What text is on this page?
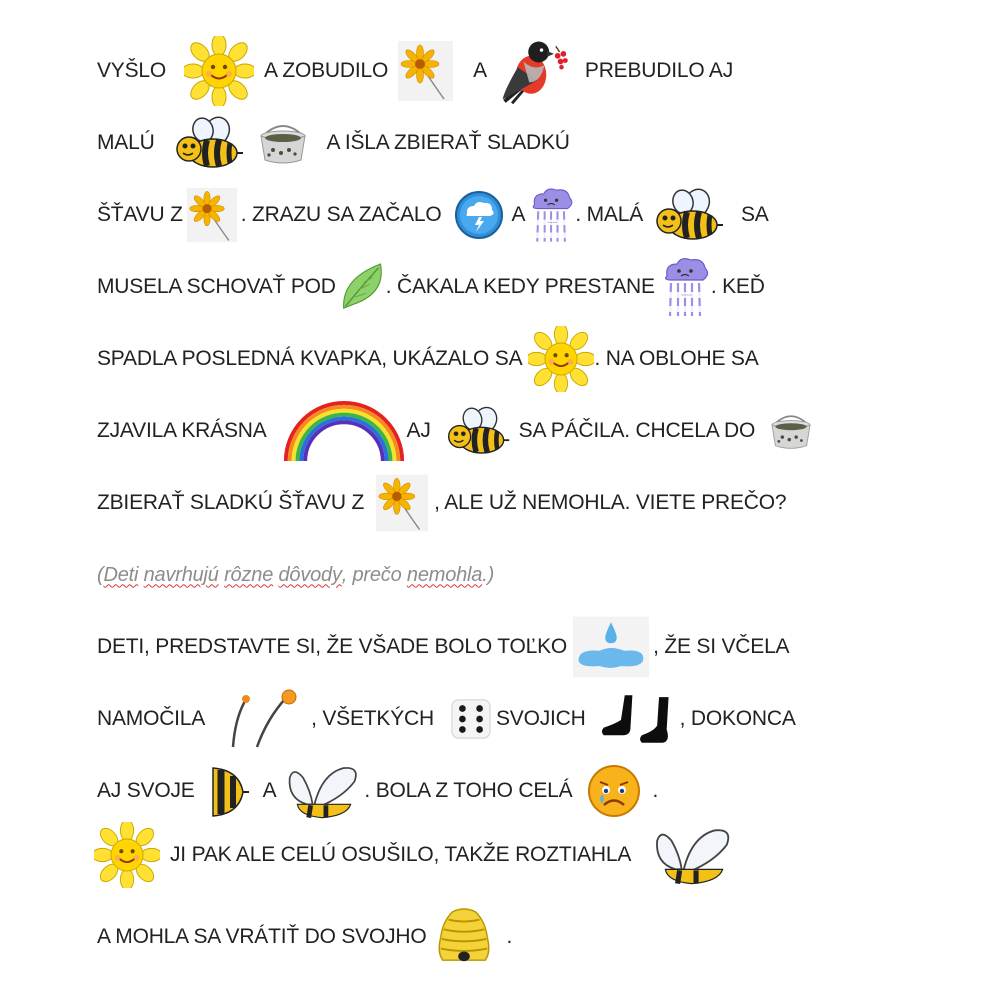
VYŠLO	A ZOBUDILO	A	PREBUDILO AJ
MALÚ	A IŠLA ZBIERAŤ SLADKÚ
ŠŤAVU Z	. ZRAZU SA ZAČALO	A . MALÁ	SA
MUSELA SCHOVAŤ POD . ČAKALA KEDY PRESTANE	. KEĎ
SPADLA POSLEDNÁ KVAPKA, UKÁZALO SA	. NA OBLOHE SA
ZJAVILA KRÁSNA	AJ	SA PÁČILA. CHCELA DO
ZBIERAŤ SLADKÚ ŠŤAVU Z	, ALE UŽ NEMOHLA. VIETE PREČO?
( Deti
navrhujú
rôzne
dôvody , prečo
nemohla .)
DETI, PREDSTAVTE SI, ŽE VŠADE BOLO TOĽKO	, ŽE SI VČELA
NAMOČILA	, VŠETKÝCH	SVOJICH	, DOKONCA
AJ SVOJE	A	. BOLA Z TOHO CELÁ	.
JI PAK ALE CELÚ OSUŠILO, TAKŽE ROZTIAHLA
A MOHLA SA VRÁTIŤ DO SVOJHO	.
